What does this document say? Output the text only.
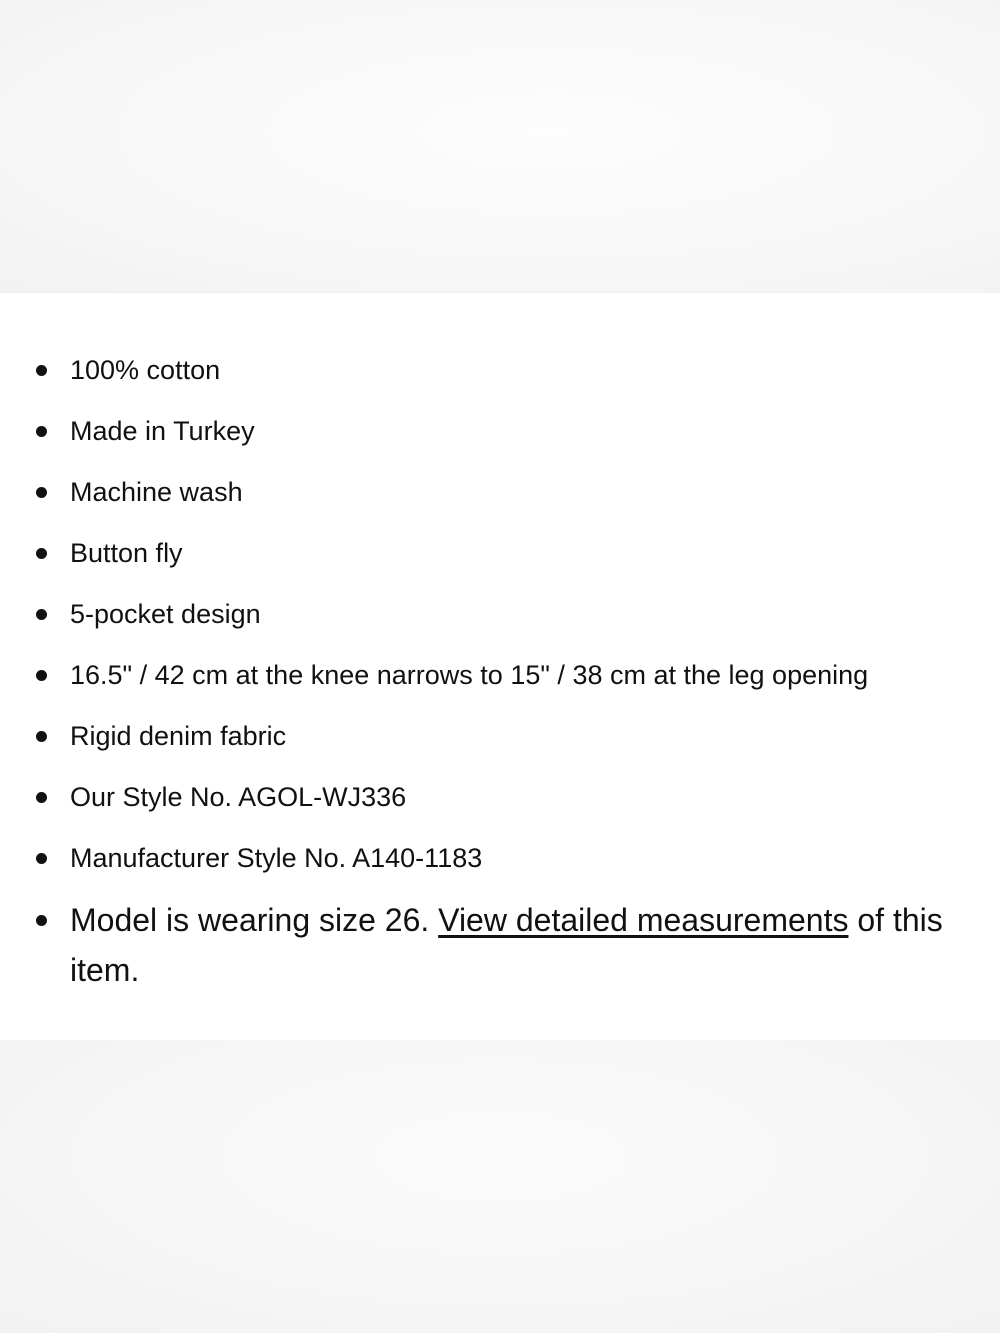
100% cotton
Made in Turkey
Machine wash
Button fly
5-pocket design
16.5" / 42 cm at the knee narrows to 15" / 38 cm at the leg opening
Rigid denim fabric
Our Style No. AGOL-WJ336
Manufacturer Style No. A140-1183
Model is wearing size 26. View detailed measurements of this item.
